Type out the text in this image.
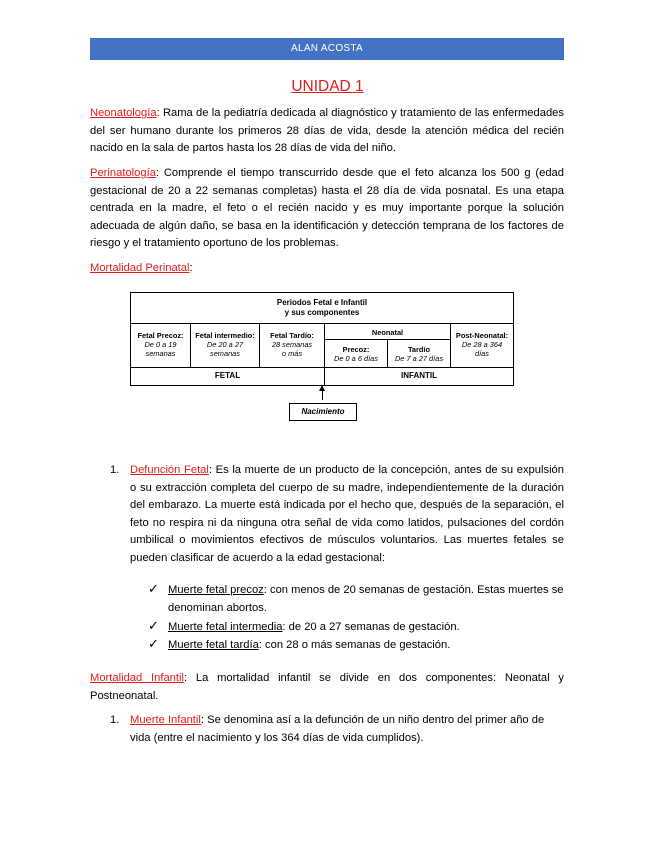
ALAN ACOSTA
UNIDAD 1
Neonatología: Rama de la pediatría dedicada al diagnóstico y tratamiento de las enfermedades del ser humano durante los primeros 28 días de vida, desde la atención médica del recién nacido en la sala de partos hasta los 28 días de vida del niño.
Perinatología: Comprende el tiempo transcurrido desde que el feto alcanza los 500 g (edad gestacional de 20 a 22 semanas completas) hasta el 28 día de vida posnatal. Es una etapa centrada en la madre, el feto o el recién nacido y es muy importante porque la solución adecuada de algún daño, se basa en la identificación y detección temprana de los factores de riesgo y el tratamiento oportuno de los problemas.
Mortalidad Perinatal:
Periodos Fetal e Infantil
y sus componentes
Fetal Precoz:
De 0 a 19
semanas
Fetal intermedio:
De 20 a 27
semanas
Fetal Tardío:
28 semanas
o más
Neonatal
Precoz:
De 0 a 6 días
Tardío
De 7 a 27 días
Post-Neonatal:
De 28 a 364
días
FETAL	INFANTIL
Nacimiento
1. Defunción Fetal: Es la muerte de un producto de la concepción, antes de su expulsión o su extracción completa del cuerpo de su madre, independientemente de la duración del embarazo. La muerte está indicada por el hecho que, después de la separación, el feto no respira ni da ninguna otra señal de vida como latidos, pulsaciones del cordón umbilical o movimientos efectivos de músculos voluntarios. Las muertes fetales se pueden clasificar de acuerdo a la edad gestacional:
✓ Muerte fetal precoz: con menos de 20 semanas de gestación. Estas muertes se denominan abortos.
✓ Muerte fetal intermedia: de 20 a 27 semanas de gestación.
✓ Muerte fetal tardía: con 28 o más semanas de gestación.
Mortalidad Infantil: La mortalidad infantil se divide en dos componentes: Neonatal y Postneonatal.
1. Muerte Infantil: Se denomina así a la defunción de un niño dentro del primer año de vida (entre el nacimiento y los 364 días de vida cumplidos).
